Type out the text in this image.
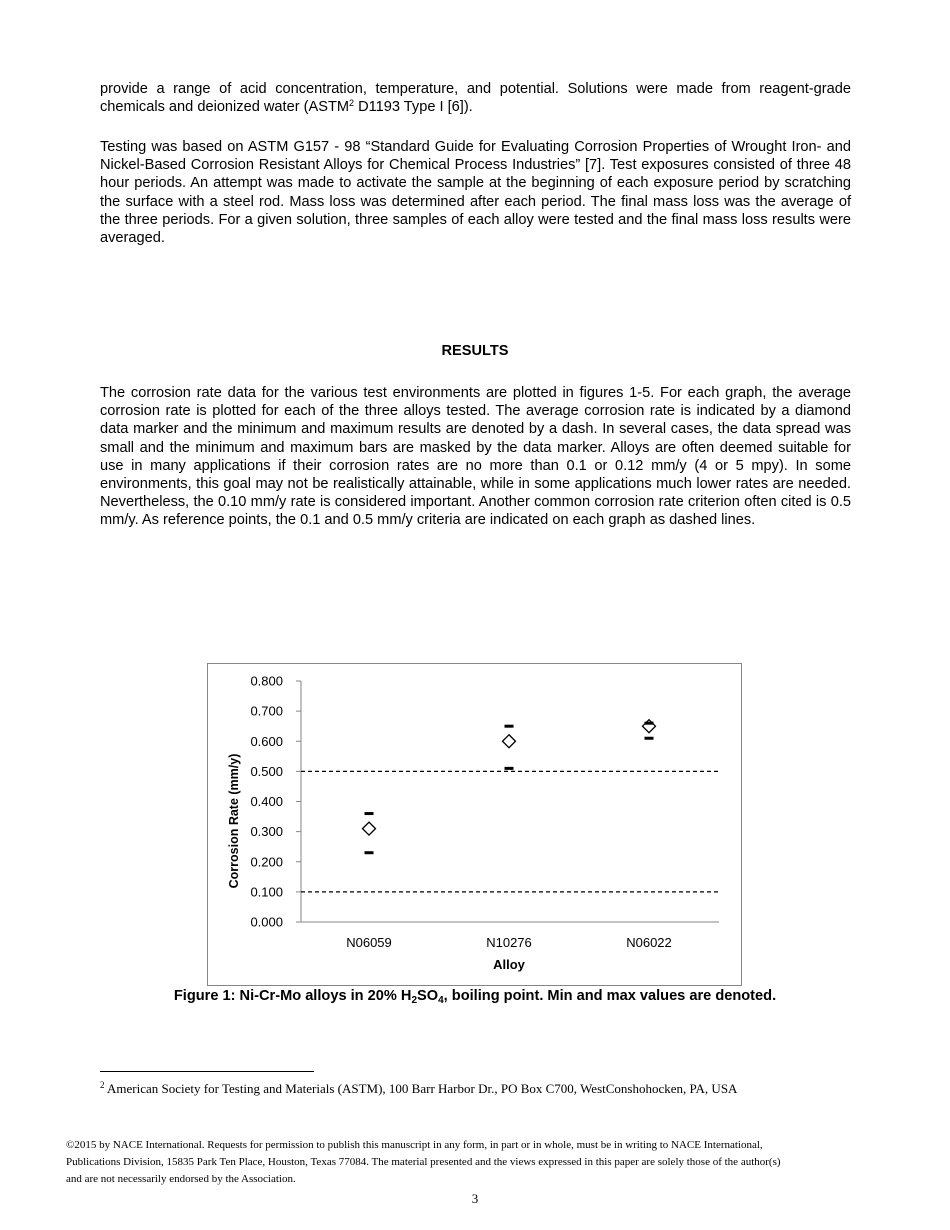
provide a range of acid concentration, temperature, and potential. Solutions were made from reagent-grade chemicals and deionized water (ASTM$^2$ D1193 Type I [6]).

Testing was based on ASTM G157 - 98 “Standard Guide for Evaluating Corrosion Properties of Wrought Iron- and Nickel-Based Corrosion Resistant Alloys for Chemical Process Industries” [7]. Test exposures consisted of three 48 hour periods. An attempt was made to activate the sample at the beginning of each exposure period by scratching the surface with a steel rod. Mass loss was determined after each period. The final mass loss was the average of the three periods. For a given solution, three samples of each alloy were tested and the final mass loss results were averaged.

RESULTS

The corrosion rate data for the various test environments are plotted in figures 1-5. For each graph, the average corrosion rate is plotted for each of the three alloys tested. The average corrosion rate is indicated by a diamond data marker and the minimum and maximum results are denoted by a dash. In several cases, the data spread was small and the minimum and maximum bars are masked by the data marker. Alloys are often deemed suitable for use in many applications if their corrosion rates are no more than 0.1 or 0.12 mm/y (4 or 5 mpy). In some environments, this goal may not be realistically attainable, while in some applications much lower rates are needed. Nevertheless, the 0.10 mm/y rate is considered important. Another common corrosion rate criterion often cited is 0.5 mm/y. As reference points, the 0.1 and 0.5 mm/y criteria are indicated on each graph as dashed lines.

0.000
0.100
0.200
0.300
0.400
0.500
0.600
0.700
0.800
N06059	N10276	N06022
Corrosion Rate (mm/y)
Alloy

Figure 1: Ni-Cr-Mo alloys in 20% $H_2SO_4$, boiling point. Min and max values are denoted.

$^2$ American Society for Testing and Materials (ASTM), 100 Barr Harbor Dr., PO Box C700, WestConshohocken, PA, USA

©2015 by NACE International. Requests for permission to publish this manuscript in any form, in part or in whole, must be in writing to NACE International, Publications Division, 15835 Park Ten Place, Houston, Texas 77084. The material presented and the views expressed in this paper are solely those of the author(s) and are not necessarily endorsed by the Association.

3
